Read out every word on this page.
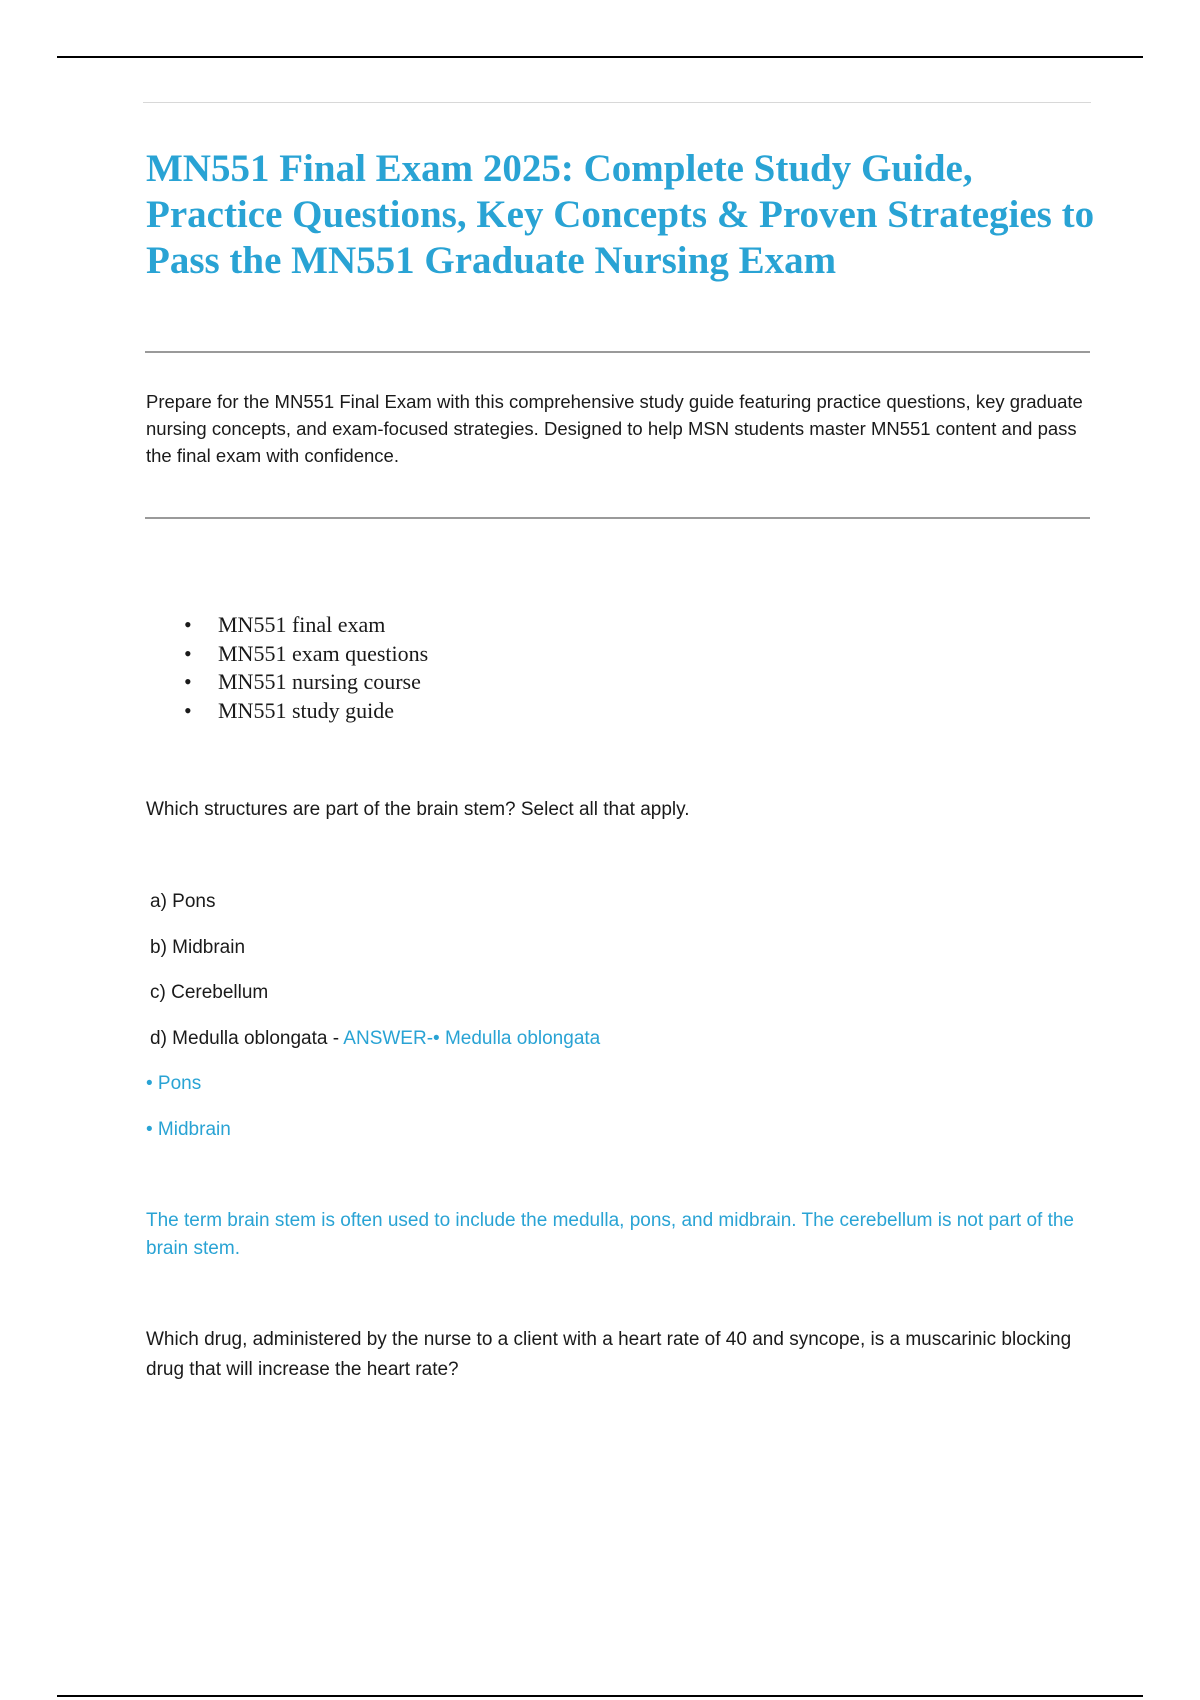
MN551 Final Exam 2025: Complete Study Guide, Practice Questions, Key Concepts & Proven Strategies to Pass the MN551 Graduate Nursing Exam

Prepare for the MN551 Final Exam with this comprehensive study guide featuring practice questions, key graduate nursing concepts, and exam-focused strategies. Designed to help MSN students master MN551 content and pass the final exam with confidence.

• MN551 final exam
• MN551 exam questions
• MN551 nursing course
• MN551 study guide

Which structures are part of the brain stem? Select all that apply.

a) Pons

b) Midbrain

c) Cerebellum

d) Medulla oblongata - ANSWER-• Medulla oblongata

• Pons

• Midbrain

The term brain stem is often used to include the medulla, pons, and midbrain. The cerebellum is not part of the brain stem.

Which drug, administered by the nurse to a client with a heart rate of 40 and syncope, is a muscarinic blocking drug that will increase the heart rate?
